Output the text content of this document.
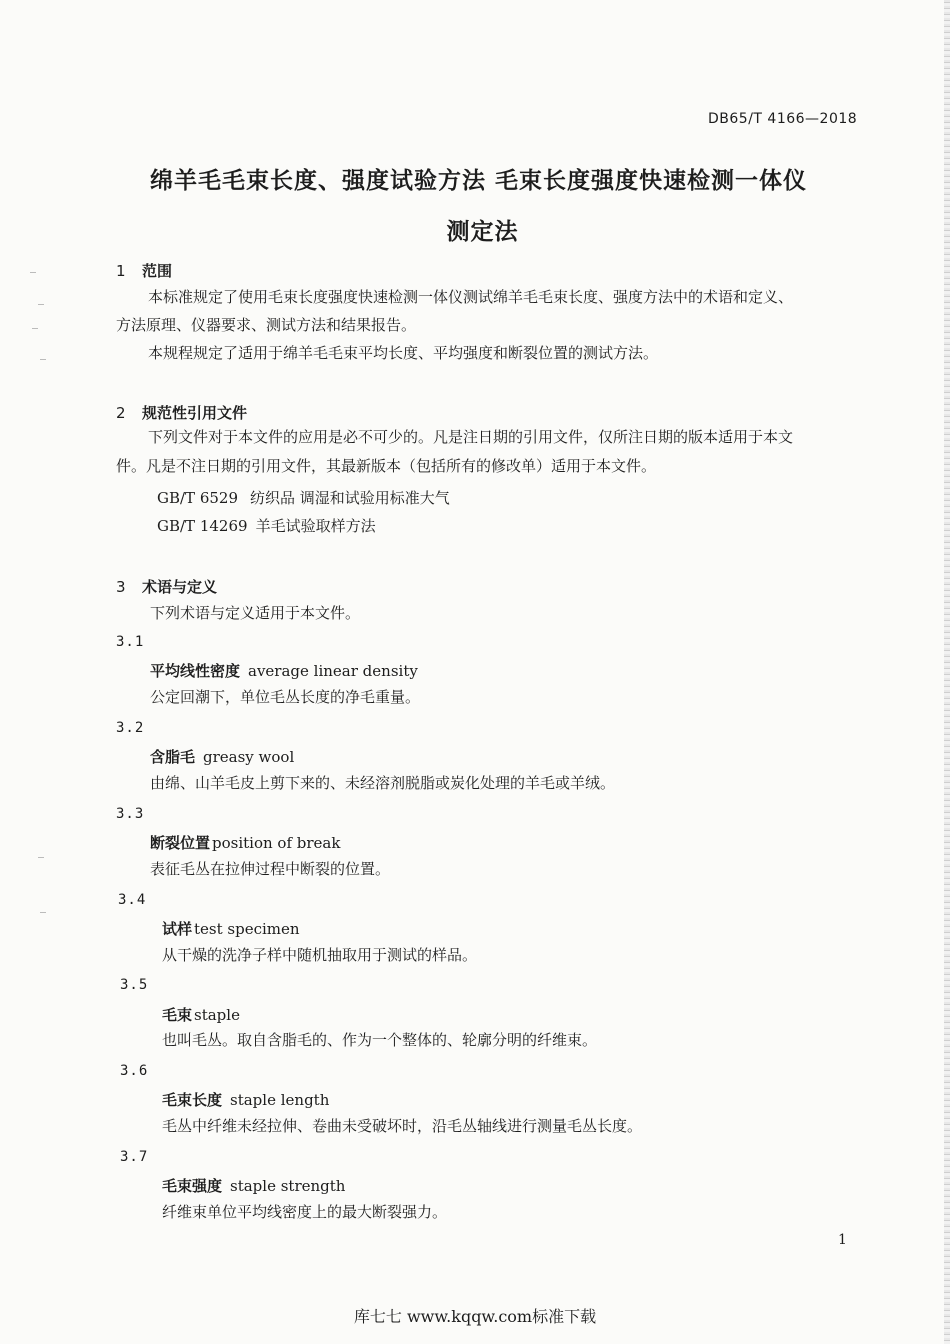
DB65/T 4166—2018
绵羊毛毛束长度、强度试验方法 毛束长度强度快速检测一体仪
测定法
1 范围
本标准规定了使用毛束长度强度快速检测一体仪测试绵羊毛毛束长度、强度方法中的术语和定义、
方法原理、仪器要求、测试方法和结果报告。
本规程规定了适用于绵羊毛毛束平均长度、平均强度和断裂位置的测试方法。
2 规范性引用文件
下列文件对于本文件的应用是必不可少的。凡是注日期的引用文件，仅所注日期的版本适用于本文
件。凡是不注日期的引用文件，其最新版本（包括所有的修改单）适用于本文件。
GB/T 6529 纺织品 调湿和试验用标准大气
GB/T 14269 羊毛试验取样方法
3 术语与定义
下列术语与定义适用于本文件。
3.1
平均线性密度 average linear density
公定回潮下，单位毛丛长度的净毛重量。
3.2
含脂毛 greasy wool
由绵、山羊毛皮上剪下来的、未经溶剂脱脂或炭化处理的羊毛或羊绒。
3.3
断裂位置 position of break
表征毛丛在拉伸过程中断裂的位置。
3.4
试样 test specimen
从干燥的洗净子样中随机抽取用于测试的样品。
3.5
毛束 staple
也叫毛丛。取自含脂毛的、作为一个整体的、轮廓分明的纤维束。
3.6
毛束长度 staple length
毛丛中纤维未经拉伸、卷曲未受破坏时，沿毛丛轴线进行测量毛丛长度。
3.7
毛束强度 staple strength
纤维束单位平均线密度上的最大断裂强力。
1
库七七 www.kqqw.com标准下载
